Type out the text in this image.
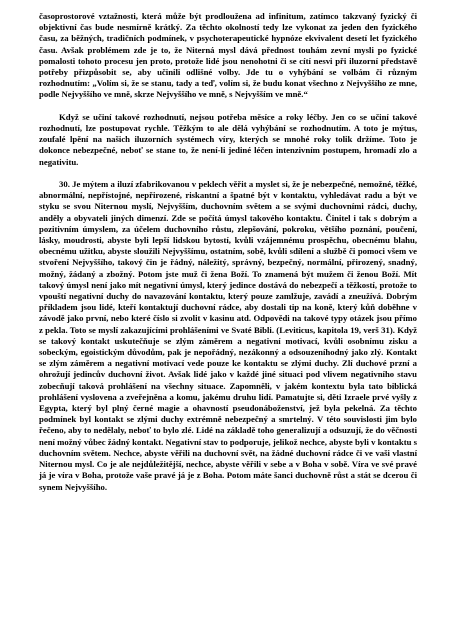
časoprostorové vztažnosti, která může být prodloužena ad infinitum, zatímco takzvaný fyzický či objektivní čas bude nesmírně krátký. Za těchto okolností tedy lze vykonat za jeden den fyzického času, za běžných, tradičních podmínek, v psychoterapeutické hypnóze ekvivalent desetí let fyzického času. Avšak problémem zde je to, že Niterná mysl dává přednost touhám zevní mysli po fyzické pomalosti tohoto procesu jen proto, protože lidé jsou nenohotni či se cítí nesvi při iluzorní představě potřeby přizpůsobit se, aby učinili odlišné volby. Jde tu o vyhýbání se volbám či různým rozhodnutím: „Volím si, že se stanu, tady a teď, volím si, že budu konat všechno z Nejvyššího ze mne, podle Nejvyššího ve mně, skrze Nejvyššího ve mně, s Nejvyšším ve mně.“

Když se učiní takové rozhodnutí, nejsou potřeba měsíce a roky léčby. Jen co se učiní takové rozhodnutí, lze postupovat rychle. Těžkým to ale dělá vyhýbání se rozhodnutím. A toto je mýtus, zoufalé lpění na našich iluzorních systémech víry, kterých se mnohé roky tolik držíme. Toto je dokonce nebezpečné, neboť se stane to, že není-li jediné léčen intenzivním postupem, hromadí zlo a negativitu.

30. Je mýtem a iluzí zfabrikovanou v peklech věřit a myslet si, že je nebezpečné, nemožné, těžké, abnormální, nepřístojné, nepřirozené, riskantní a špatné být v kontaktu, vyhledávat radu a být ve styku se svou Niternou myslí, Nejvyšším, duchovním světem a se svými duchovními rádci, duchy, anděly a obyvateli jiných dimenzí. Zde se počítá úmysl takového kontaktu. Činitel i tak s dobrým a pozitivním úmyslem, za účelem duchovního růstu, zlepšování, pokroku, většího poznání, poučení, lásky, moudrosti, abyste byli lepší lidskou bytostí, kvůli vzájemnému prospěchu, obecnému blahu, obecnému užitku, abyste sloužili Nejvyššímu, ostatním, sobě, kvůli sdílení a službě či pomoci všem ve stvoření Nejvyššího, takový čin je řádný, náležitý, správný, bezpečný, normální, přirozený, snadný, možný, žádaný a zbožný. Potom jste muž či žena Boží. To znamená být mužem či ženou Boží. Mít takový úmysl není jako mít negativní úmysl, který jedince dostává do nebezpečí a těžkostí, protože to vpouští negativní duchy do navazování kontaktu, který pouze zamlžuje, zavádí a zneužívá. Dobrým příkladem jsou lidé, kteří kontaktují duchovní rádce, aby dostali tip na koně, který kůň doběhne v závodě jako první, nebo které číslo si zvolit v kasinu atd. Odpovědi na takové typy otázek jsou přímo z pekla. Toto se myslí zakazujícími prohlášeními ve Svaté Bibli. (Leviticus, kapitola 19, verš 31). Když se takový kontakt uskutečňuje se zlým záměrem a negativní motivací, kvůli osobnímu zisku a sobeckým, egoistickým důvodům, pak je nepořádný, nezákonný a odsouzeníhodný jako zlý. Kontakt se zlým záměrem a negativní motivací vede pouze ke kontaktu se zlými duchy. Zlí duchové przní a ohrožují jedincův duchovní život. Avšak lidé jako v každé jiné situaci pod vlivem negativního stavu zobecňují taková prohlášení na všechny situace. Zapomněli, v jakém kontextu byla tato biblická prohlášení vyslovena a zveřejněna a komu, jakému druhu lidí. Pamatujte si, děti Izraele prvé vyšly z Egypta, který byl plný černé magie a ohavností pseudonáboženství, jež byla pekelná. Za těchto podmínek byl kontakt se zlými duchy extrémně nebezpečný a smrtelný. V této souvislosti jim bylo řečeno, aby to nedělaly, neboť to bylo zlé. Lidé na základě toho generalizují a odsuzují, že do věčnosti není možný vůbec žádný kontakt. Negativní stav to podporuje, jelikož nechce, abyste byli v kontaktu s duchovním světem. Nechce, abyste věřili na duchovní svět, na žádné duchovní rádce či ve vaši vlastní Niternou mysl. Co je ale nejdůležitější, nechce, abyste věřili v sebe a v Boha v sobě. Víra ve své pravé já je víra v Boha, protože vaše pravé já je z Boha. Potom máte šanci duchovně růst a stát se dcerou či synem Nejvyššího.
